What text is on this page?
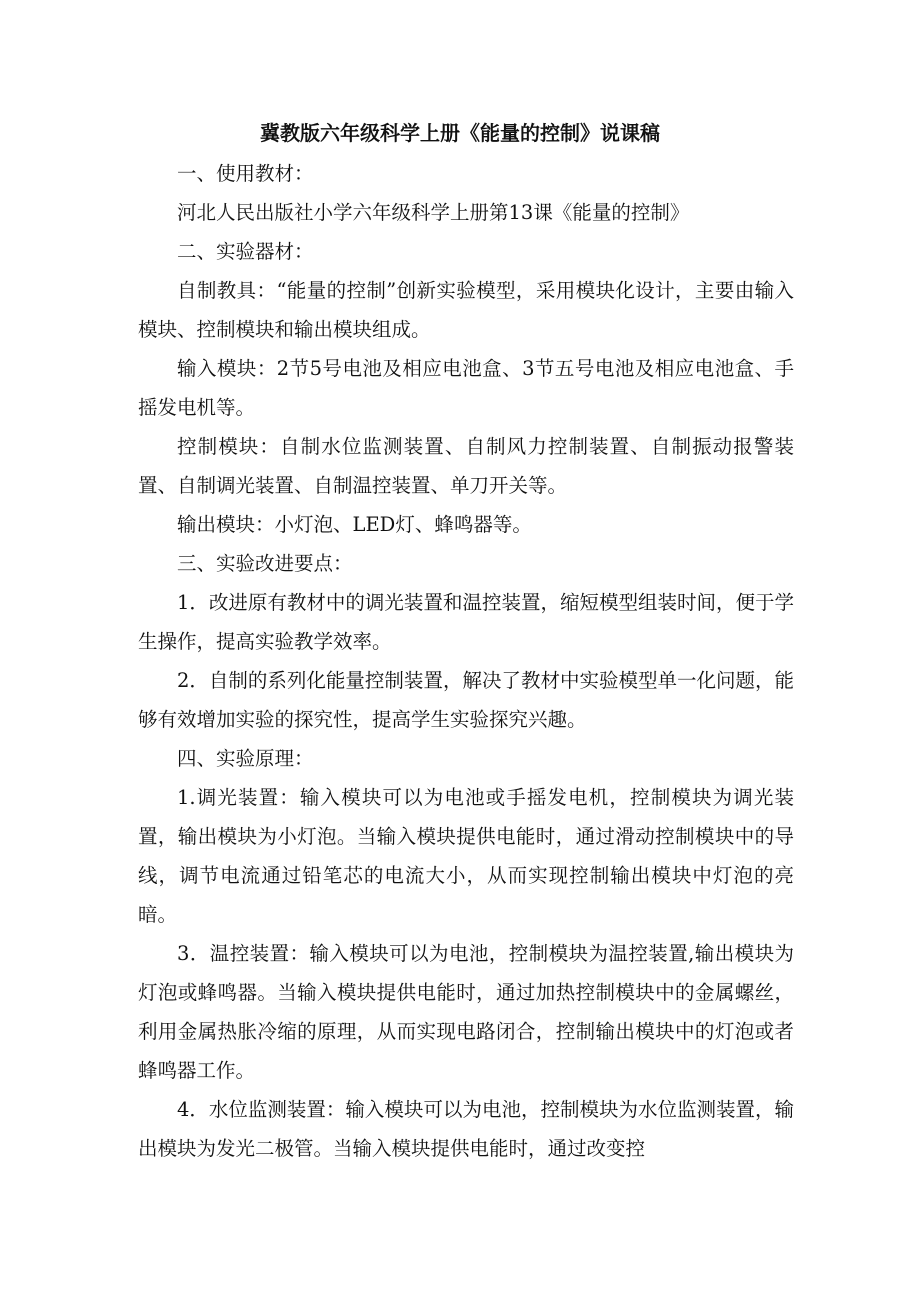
冀教版六年级科学上册《能量的控制》说课稿

一、使用教材：

河北人民出版社小学六年级科学上册第13课《能量的控制》

二、实验器材：

自制教具：“能量的控制”创新实验模型，采用模块化设计，主要由输入模块、控制模块和输出模块组成。

输入模块：2节5号电池及相应电池盒、3节五号电池及相应电池盒、手摇发电机等。

控制模块：自制水位监测装置、自制风力控制装置、自制振动报警装置、自制调光装置、自制温控装置、单刀开关等。

输出模块：小灯泡、LED灯、蜂鸣器等。

三、实验改进要点：

1．改进原有教材中的调光装置和温控装置，缩短模型组装时间，便于学生操作，提高实验教学效率。

2．自制的系列化能量控制装置，解决了教材中实验模型单一化问题，能够有效增加实验的探究性，提高学生实验探究兴趣。

四、实验原理：

1.调光装置：输入模块可以为电池或手摇发电机，控制模块为调光装置，输出模块为小灯泡。当输入模块提供电能时，通过滑动控制模块中的导线，调节电流通过铅笔芯的电流大小，从而实现控制输出模块中灯泡的亮暗。

3．温控装置：输入模块可以为电池，控制模块为温控装置,输出模块为灯泡或蜂鸣器。当输入模块提供电能时，通过加热控制模块中的金属螺丝，利用金属热胀冷缩的原理，从而实现电路闭合，控制输出模块中的灯泡或者蜂鸣器工作。

4．水位监测装置：输入模块可以为电池，控制模块为水位监测装置，输出模块为发光二极管。当输入模块提供电能时，通过改变控
